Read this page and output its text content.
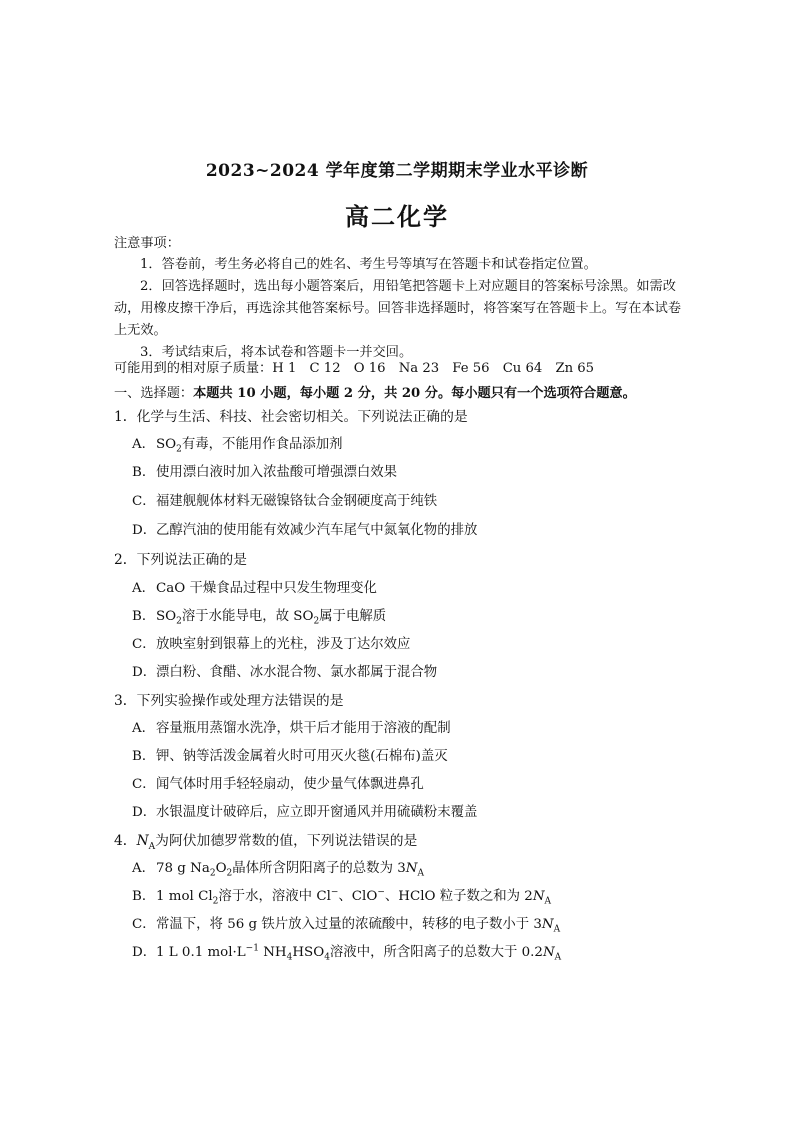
2023~2024 学年度第二学期期末学业水平诊断
高二化学

注意事项：

1．答卷前，考生务必将自己的姓名、考生号等填写在答题卡和试卷指定位置。

2．回答选择题时，选出每小题答案后，用铅笔把答题卡上对应题目的答案标号涂黑。如需改动，用橡皮擦干净后，再选涂其他答案标号。回答非选择题时，将答案写在答题卡上。写在本试卷上无效。

3．考试结束后，将本试卷和答题卡一并交回。

可能用到的相对原子质量：H 1　C 12　O 16　Na 23　Fe 56　Cu 64　Zn 65
一、选择题：本题共 10 小题，每小题 2 分，共 20 分。每小题只有一个选项符合题意。
1．化学与生活、科技、社会密切相关。下列说法正确的是
A．$SO_2$有毒，不能用作食品添加剂
B．使用漂白液时加入浓盐酸可增强漂白效果
C．福建舰舰体材料无磁镍铬钛合金钢硬度高于纯铁
D．乙醇汽油的使用能有效减少汽车尾气中氮氧化物的排放
2．下列说法正确的是
A．CaO 干燥食品过程中只发生物理变化
B．$SO_2$溶于水能导电，故 $SO_2$属于电解质
C．放映室射到银幕上的光柱，涉及丁达尔效应
D．漂白粉、食醋、冰水混合物、氯水都属于混合物
3．下列实验操作或处理方法错误的是
A．容量瓶用蒸馏水洗净，烘干后才能用于溶液的配制
B．钾、钠等活泼金属着火时可用灭火毯(石棉布)盖灭
C．闻气体时用手轻轻扇动，使少量气体飘进鼻孔
D．水银温度计破碎后，应立即开窗通风并用硫磺粉末覆盖
4．$N_A$为阿伏加德罗常数的值，下列说法错误的是
A．78 g $Na_2O_2$晶体所含阴阳离子的总数为 $3N_A$
B．1 mol $Cl_2$溶于水，溶液中 Cl−、ClO−、HClO 粒子数之和为 $2N_A$
C．常温下，将 56 g 铁片放入过量的浓硫酸中，转移的电子数小于 $3N_A$
D．1 L 0.1 $mol\cdot L^{-1}$ $NH_4HSO_4$溶液中，所含阳离子的总数大于 $0.2N_A$
